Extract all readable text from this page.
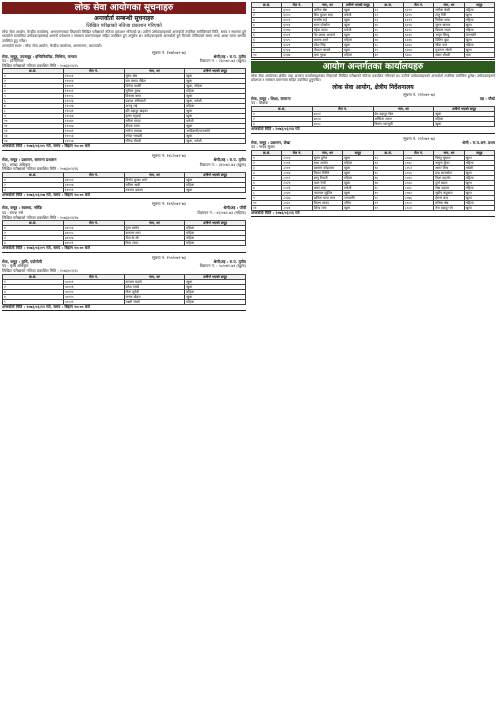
लोक सेवा आयोगका सूचनाहरु
अन्तर्वार्ता सम्बन्धी सूचनाहरु
लिखित परीक्षाको नतिजा प्रकाशन गरिएको
लोक सेवा आयोग, केन्द्रीय कार्यालय, अनामनगरबाट लिइएको लिखित परीक्षाको नतिजा प्रकाशन गरिएको छ। उत्तीर्ण उम्मेदवारहरुको अन्तर्वार्ता तपसिल बमोजिमको मिति, समय र स्थानमा हुने भएकोले सम्बन्धित उम्मेदवारहरुलाई आफ्नो प्रवेशपत्र र सक्कल प्रमाणपत्रहरु सहित उपस्थित हुन अनुरोध छ। उम्मेदवारहरुले अन्तर्वार्ता हुने दिनको तोकिएको समय भन्दा आधा घण्टा अगाडि उपस्थित हुनु पर्नेछ।
अन्तर्वार्ता स्थान : लोक सेवा आयोग, केन्द्रीय कार्यालय, अनामनगर, काठमाडौं।
सूचना नं. १४७/०७२-७३
सेवा, समूह, उपसमूह : इन्जिनियरिङ, सिभिल, जनरल	श्रेणी/तह : रा.प. तृतीय
पद : इन्जिनियर	विज्ञापन नं. : २३/०७२-७३ (खुला)
लिखित परीक्षाको नतिजा प्रकाशित मिति : २०७३/०२/१५
क्र.सं.	रोल नं.	नाम, थर	उत्तीर्ण भएको समूह
१	१२००१	सुरेश श्रेष्ठ	खुला
२	१२००४	राम प्रसाद पौडेल	खुला
३	१२००९	दिपेन्द्र कार्की	खुला, महिला
४	१२०१२	सुनिता गुरुङ	महिला
५	१२०१८	विकास थापा	खुला
६	१२०२३	प्रकाश अधिकारी	खुला, मधेशी
७	१२०२७	अञ्जु राई	महिला
८	१२०३१	हरि बहादुर खड्का	खुला
९	१२०३६	कृष्ण भट्टराई	खुला
१०	१२०४०	सरिता यादव	मधेशी
११	१२०४४	दीपक मल्ल	खुला
१२	१२०४९	मनोज तामाङ	आदिवासी/जनजाति
१३	१२०५३	गणेश भण्डारी	खुला
१४	१२०५७	रविन्द्र चौधरी	खुला, मधेशी
अन्तर्वार्ता मिति : २०७३/०३/०५ गते, समय : बिहान १०:०० बजे
सूचना नं. १४८/०७२-७३
सेवा, समूह : प्रशासन, सामान्य प्रशासन	श्रेणी/तह : रा.प. तृतीय
पद : शाखा अधिकृत	विज्ञापन नं. : ३१/०७२-७३ (खुला)
लिखित परीक्षाको नतिजा प्रकाशित मिति : २०७३/०२/१६
क्र.सं.	रोल नं.	नाम, थर	उत्तीर्ण भएको समूह
१	३१००२	विनोद कुमार शर्मा	खुला
२	३१००७	सविना खत्री	महिला
३	३१०११	नवराज ढकाल	खुला
अन्तर्वार्ता मिति : २०७३/०३/०७ गते, समय : बिहान १०:०० बजे
सूचना नं. १४९/०७२-७३
सेवा, समूह : स्वास्थ्य, नर्सिङ	श्रेणी/तह : पाँचौं
पद : स्टाफ नर्स	विज्ञापन नं. : ४२/०७२-७३ (महिला)
लिखित परीक्षाको नतिजा प्रकाशित मिति : २०७३/०२/१७
क्र.सं.	रोल नं.	नाम, थर	उत्तीर्ण भएको समूह
१	४२००३	पूजा बस्नेत	महिला
२	४२००८	कल्पना मगर	महिला
३	४२०१४	रीता के.सी.	महिला
४	४२०१९	मिना लामा	महिला
अन्तर्वार्ता मिति : २०७३/०३/०९ गते, समय : बिहान १०:०० बजे
सूचना नं. १५०/०७२-७३
सेवा, समूह : कृषि, एग्रोनोमी	श्रेणी/तह : रा.प. तृतीय
पद : कृषि अधिकृत	विज्ञापन नं. : ५०/०७२-७३ (खुला)
लिखित परीक्षाको नतिजा प्रकाशित मिति : २०७३/०२/१८
क्र.सं.	रोल नं.	नाम, थर	उत्तीर्ण भएको समूह
१	५०००१	सञ्जय महतो	खुला
२	५०००६	उमेश पाण्डे	खुला
३	५००१०	गीता सुवेदी	महिला
४	५००१५	जनक बोहरा	खुला
५	५००२२	लक्ष्मी जोशी	महिला
अन्तर्वार्ता मिति : २०७३/०३/११ गते, समय : बिहान १०:०० बजे
क्र.सं.	रोल नं.	नाम, थर	उत्तीर्ण भएको समूह	क्र.सं.	रोल नं.	नाम, थर	समूह
१	६१०२	अनिल श्रेष्ठ	खुला	२१	६२११	संगीता केसी	महिला
२	६१०५	शिव कुमार साह	मधेशी	२२	६२१५	राजु गिरी	खुला
३	६१०९	सन्तोष राई	खुला	२३	६२१९	निर्मला थापा	महिला
४	६११३	भरत पोखरेल	खुला	२४	६२२४	सुरज खनाल	खुला
५	६११७	महेश यादव	मधेशी	२५	६२२८	बिमला राउत	महिला
६	६१२१	नेत्र प्रसाद आचार्य	खुला	२६	६२३२	अमृत लिम्बू	जनजाति
७	६१२५	कमला शर्मा	महिला	२७	६२३६	दिलिप बुढा	खुला
८	६१२९	रमेश सिंह	खुला	२८	६२४०	सीता पन्त	महिला
९	६१३३	गोपाल काफ्ले	खुला	२९	६२४४	युवराज ओली	खुला
१०	६१३७	तारा गुरुङ	महिला	३०	६२४८	शंकर चौधरी	थारु
आयोग अन्तर्गतका कार्यालयहरु
लोक सेवा आयोगका क्षेत्रीय तथा अञ्चल कार्यालयहरुबाट लिइएको लिखित परीक्षाको नतिजा प्रकाशित गरिएको छ। उत्तीर्ण उम्मेदवारहरुको अन्तर्वार्ता तपसिल बमोजिम हुनेछ। उम्मेदवारहरुले प्रवेशपत्र र सक्कल प्रमाणपत्र सहित उपस्थित हुनुपर्नेछ।
लोक सेवा आयोग, क्षेत्रीय निर्देशनालय
सूचना नं. २१/०७२-७३
सेवा, समूह : शिक्षा, सामान्य	तह : चौथो
पद : शिक्षक
क्र.सं.	रोल नं.	नाम, थर	उत्तीर्ण भएको समूह
१	७००१	प्रेम बहादुर बिष्ट	खुला
२	७००४	अस्मिता रावल	महिला
३	७००८	किरण पराजुली	खुला
अन्तर्वार्ता मिति : २०७३/०३/१४ गते
सूचना नं. २२/०७२-७३
सेवा, समूह : प्रशासन, लेखा	श्रेणी : रा.प.अनं. प्रथम
पद : नायब सुब्बा
क्र.सं.	रोल नं.	नाम, थर	समूह	क्र.सं.	रोल नं.	नाम, थर	समूह
१	८००२	सुमन ढुंगेल	खुला	१२	८०४४	विष्णु भुसाल	खुला
२	८००६	राधा अर्याल	महिला	१३	८०४८	जमुना कुँवर	महिला
३	८०१०	बलराम कोइराला	खुला	१४	८०५२	सागर मिश्र	मधेशी
४	८०१४	मिलन घिमिरे	खुला	१५	८०५६	इन्द्र सापकोटा	खुला
५	८०१८	ज्ञानु तिवारी	महिला	१६	८०६०	निशा महर्जन	महिला
६	८०२२	पवन रेग्मी	खुला	१७	८०६४	दुर्गा बराल	खुला
७	८०२६	अमर शाह	मधेशी	१८	८०६८	रेखा दाहाल	महिला
८	८०३०	नारायण लुइँटेल	खुला	१९	८०७२	सुदीप कटुवाल	खुला
९	८०३४	कविता थापा मगर	जनजाति	२०	८०७६	हेमन्त चन्द	खुला
१०	८०३८	विजय साउद	दलित	२१	८०८०	मनिषा श्रेष्ठ	महिला
११	८०४१	देवेन्द्र राना	खुला	२२	८०८४	तेज बहादुर ऐर	खुला
अन्तर्वार्ता मिति : २०७३/०३/१६ गते
